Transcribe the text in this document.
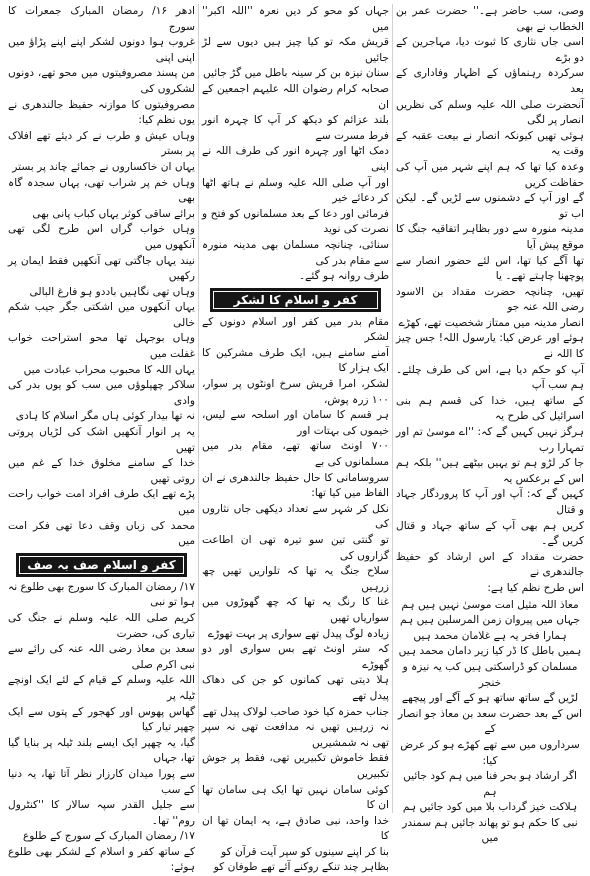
وصی، سب حاضر ہے۔'' حضرت عمر بن الخطاب نے بھی
اسی جاں نثاری کا ثبوت دیا، مہاجرین کے دو بڑے
سرکردہ رہنماؤں کے اظہار وفاداری کے بعد
آنحضرت صلی اللہ علیہ وسلم کی نظریں انصار پر لگی
ہوئی تھیں کیونکہ انصار نے بیعت عقبہ کے وقت یہ
وعدہ کیا تھا کہ ہم اپنے شہر میں آپ کی حفاظت کریں
گے اور آپ کے دشمنوں سے لڑیں گے۔ لیکن اب تو
مدینہ منورہ سے دور بظاہر اتفاقیہ جنگ کا موقع پیش آیا
تھا آگے کیا تھا، اس لئے حضور انصار سے پوچھنا چاہتے تھے۔ یا
تھیں، چنانچہ حضرت مقداد بن الاسود رضی اللہ عنہ جو
انصار مدینہ میں ممتاز شخصیت تھے، کھڑے
ہوئے اور عرض کیا: یارسول اللہ! جس چیز کا اللہ نے
آپ کو حکم دیا ہے، اس کی طرف چلئے۔ ہم سب آپ
کے ساتھ ہیں، خدا کی قسم ہم بنی اسرائیل کی طرح یہ
ہرگز نہیں کہیں گے کہ: ''اے موسیٰ تم اور تمہارا رب
جا کر لڑو ہم تو یہیں بیٹھے ہیں'' بلکہ ہم اس کے برعکس یہ
کہیں گے کہ: آپ اور آپ کا پروردگار جہاد و قتال
کریں ہم بھی آپ کے ساتھ جہاد و قتال کریں گے۔
حضرت مقداد کے اس ارشاد کو حفیظ جالندھری نے
اس طرح نظم کیا ہے:

معاذ اللہ مثیل امت موسیٰ نہیں ہیں ہم
جہاں میں پیروان زمن المرسلین ہیں ہم
ہمارا فخر یہ ہے غلامان محمد ہیں
ہمیں باطل کا ڈر کیا زیر دامان محمد ہیں
مسلمان کو ڈراسکتی ہیں کب یہ نیزہ و خنجر
لڑیں گے ساتھ ساتھ ہو کے آگے اور پیچھے
اس کے بعد حضرت سعد بن معاذ جو انصار کے
سرداروں میں سے تھے کھڑے ہو کر عرض کیا:
اگر ارشاد ہو بحر فنا میں ہم کود جائیں ہم
ہلاکت خیز گرداب بلا میں کود جائیں ہم
نبی کا حکم ہو تو پھاند جائیں ہم سمندر میں

جہاں کو محو کر دیں نعرہ ''اللہ اکبر'' میں
قریش مکہ تو کیا چیز ہیں دیوں سے لڑ جائیں
سنان نیزہ بن کر سینہ باطل میں گڑ جائیں
صحابہ کرام رضوان اللہ علیہم اجمعین کے ان
بلند عزائم کو دیکھ کر آپ کا چہرہ انور فرط مسرت سے
دمک اٹھا اور چہرہ انور کی طرف اللہ نے اپنی
اور آپ صلی اللہ علیہ وسلم نے ہاتھ اٹھا کر دعائے خیر
فرمائی اور دعا کے بعد مسلمانوں کو فتح و نصرت کی نوید
سنائی، چنانچہ مسلمان بھی مدینہ منورہ سے مقام بدر کی
طرف روانہ ہو گئے۔

کفر و اسلام کا لشکر

مقام بدر میں کفر اور اسلام دونوں کے لشکر
آمنے سامنے ہیں، ایک طرف مشرکین کا ایک ہزار کا
لشکر، امرا قریش سرخ اونٹوں پر سوار، ۱۰۰ زرہ پوش،
ہر قسم کا سامان اور اسلحہ سے لیس، خیموں کی بہتات اور
۷۰۰ اونٹ ساتھ تھے، مقام بدر میں مسلمانوں کی بے
سروسامانی کا حال حفیظ جالندھری نے ان الفاظ میں کیا تھا:
نکل کر شہر سے تعداد دیکھی جاں نثاروں کی
تو گنتی تین سو تیرہ تھی ان اطاعت گزاروں کی
سلاح جنگ یہ تھا کہ تلواریں تھیں چھ زرہیں
غنا کا رنگ یہ تھا کہ چھ گھوڑوں میں سواریاں تھیں
زیادہ لوگ پیدل تھے سواری پر بہت تھوڑے
کہ ستر اونٹ تھے بس سواری اور دو گھوڑے
ہلا دیتی تھی کمانوں کو جن کی دھاک پیدل تھے
جناب حمزہ کیا خود صاحب لولاک پیدل تھے
نہ زرہیں تھیں نہ مدافعت تھی نہ سپر تھی نہ شمشیریں
فقط خاموش تکبیریں تھی، فقط پر جوش تکبیریں
کوئی سامان نہیں تھا ایک ہی سامان تھا ان کا
خدا واحد، نبی صادق ہے، یہ ایمان تھا ان کا
بنا کر اپنے سینوں کو سپر آیت قرآن کو
بظاہر چند تنکے روکنے آئے تھے طوفان کو

ادھر ۱۶/ رمضان المبارک جمعرات کا سورج
غروب ہوا دونوں لشکر اپنے اپنے پڑاؤ میں اپنی اپنی
من پسند مصروفیتوں میں محو تھے، دونوں لشکروں کی
مصروفیتوں کا موازنہ حفیظ جالندھری نے یوں نظم کیا:
وہاں عیش و طرب نے کر دیئے تھے افلاک پر بستر
یہاں ان خاکساروں نے جمائے چاند پر بستر
وہاں خم پر شراب تھی، یہاں سجدہ گاہ بھی
برائے ساقی کوثر یہاں کباب پانی بھی
وہاں خواب گراں اس طرح لگی تھی آنکھوں میں
نیند یہاں جاگتی تھی آنکھیں فقط ایمان پر رکھیں
وہاں تھی نگاہیں باددو ہو فارغ البالی
یہاں آنکھوں میں اشکتی جگر جیب شکم خالی
وہاں بوجہل تھا محو استراحت خواب غفلت میں
یہاں اللہ کا محبوب محراب عبادت میں
سلاکر چھپلوؤں میں سب کو یوں بدر کی وادی
نہ تھا بیدار کوئی ہاں مگر اسلام کا ہادی
یہ پر انوار آنکھیں اشک کی لڑیاں پروتی تھیں
خدا کے سامنے مخلوق خدا کے غم میں روتی تھیں
پڑے تھے ایک طرف افراد امت خواب راحت میں
محمد کی زباں وقف دعا تھی فکر امت میں

کفر و اسلام صف بہ صف

۱۷/ رمضان المبارک کا سورج بھی طلوع نہ ہوا تو نبی
کریم صلی اللہ علیہ وسلم نے جنگ کی تیاری کی، حضرت
سعد بن معاذ رضی اللہ عنہ کی رائے سے نبی اکرم صلی
اللہ علیہ وسلم کے قیام کے لئے ایک اونچے ٹیلہ پر
گھاس پھوس اور کھجور کے پتوں سے ایک چھپر تیار کیا
گیا، یہ چھپر ایک ایسے بلند ٹیلہ پر بنایا گیا تھا، جہاں
سے پورا میدان کارزار نظر آتا تھا، یہ دنیا کے سب
سے جلیل القدر سپہ سالار کا ''کنٹرول روم'' تھا۔
۱۷/ رمضان المبارک کے سورج کے طلوع
کے ساتھ کفر و اسلام کے لشکر بھی طلوع ہوئے:
